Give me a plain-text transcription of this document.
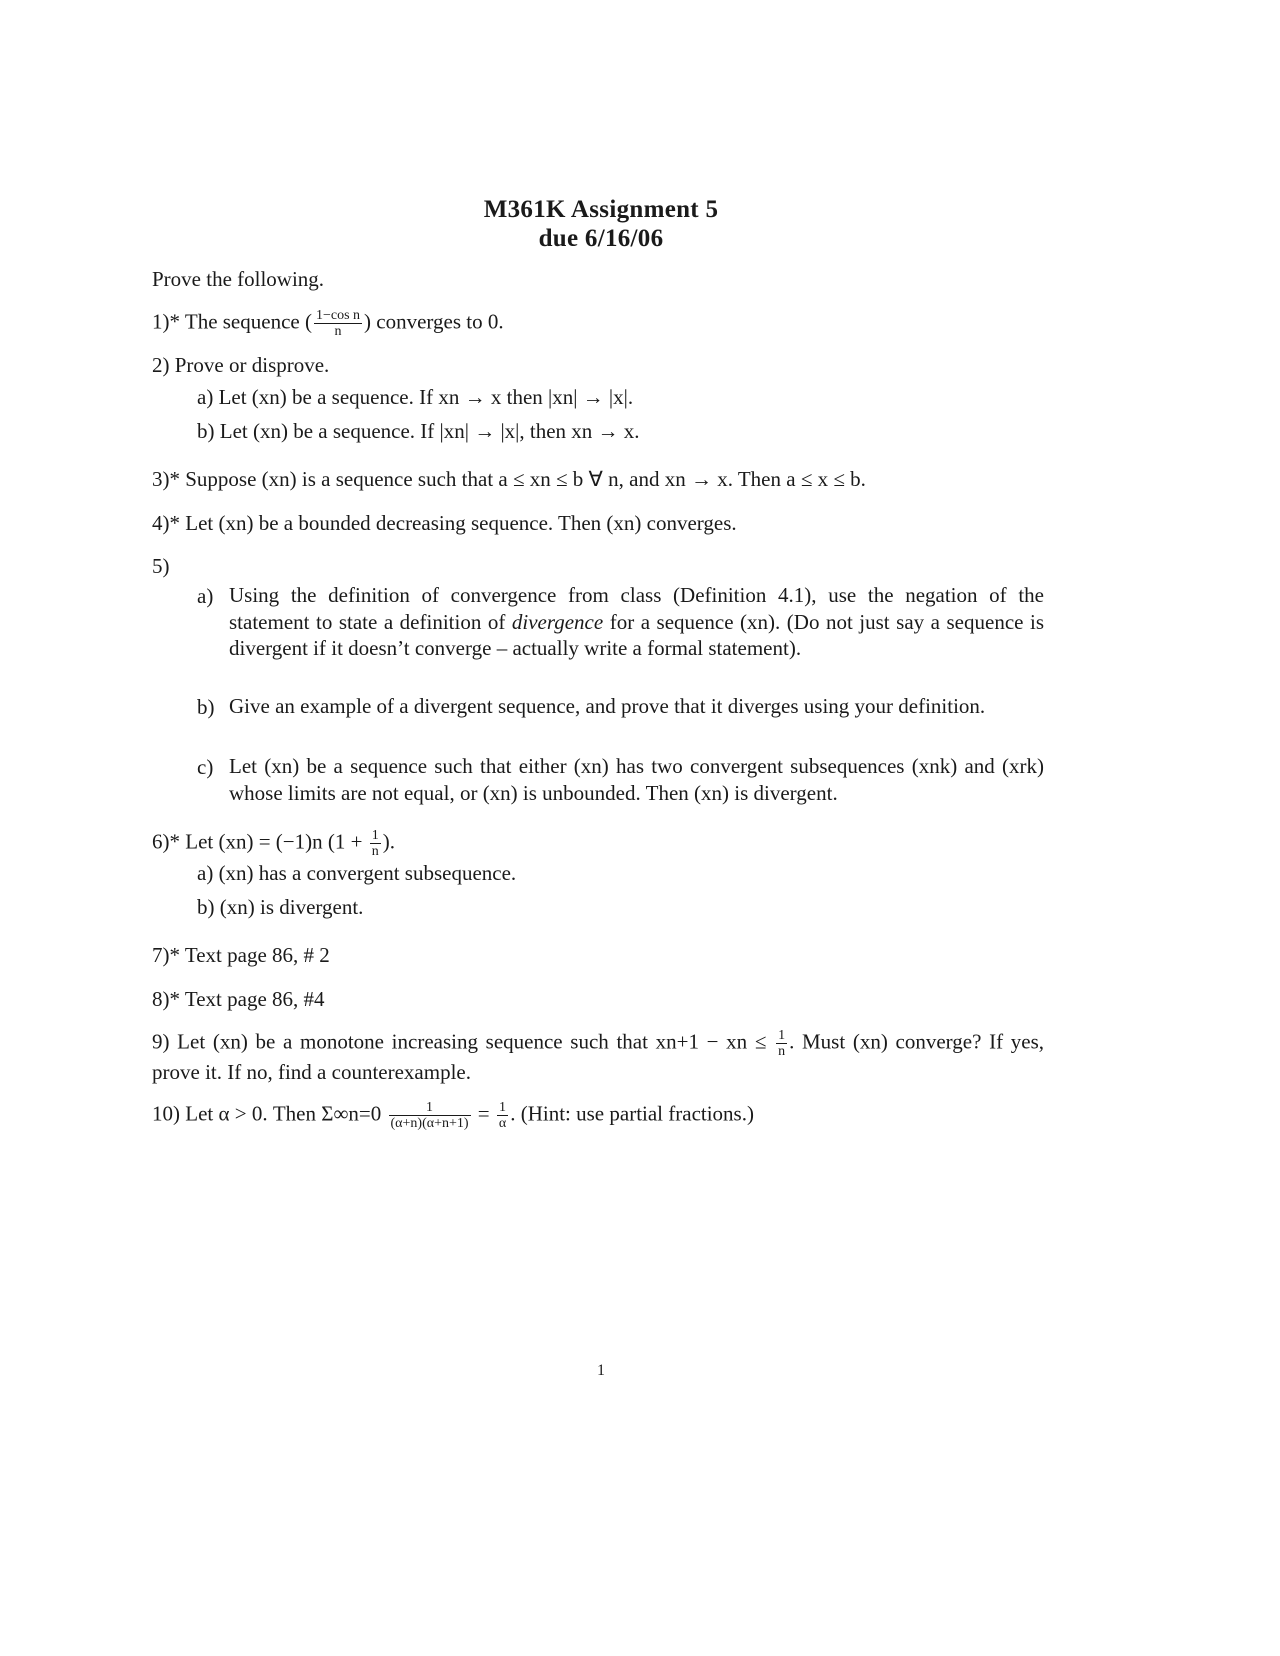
M361K Assignment 5
due 6/16/06
Prove the following.
1)* The sequence ( $\frac{\text{1−cos n}}{n}$ ) converges to 0.
2) Prove or disprove.
a) Let (xn) be a sequence. If xn → x then |xn| → |x|.
b) Let (xn) be a sequence. If |xn| → |x|, then xn → x.
3)* Suppose (xn) is a sequence such that a ≤ xn ≤ b ∀ n, and xn → x. Then a ≤ x ≤ b.
4)* Let (xn) be a bounded decreasing sequence. Then (xn) converges.
5)
a) Using the definition of convergence from class (Definition 4.1), use the negation of the statement to state a definition of divergence for a sequence (xn). (Do not just say a sequence is divergent if it doesn’t converge – actually write a formal statement).
b) Give an example of a divergent sequence, and prove that it diverges using your definition.
c) Let (xn) be a sequence such that either (xn) has two convergent subsequences (xnk) and (xrk) whose limits are not equal, or (xn) is unbounded. Then (xn) is divergent.
6)* Let (xn) = (−1)n ($1 + \frac{1}{n}$ ).
a) (xn) has a convergent subsequence.
b) (xn) is divergent.
7)* Text page 86, # 2
8)* Text page 86, #4
9) Let (xn) be a monotone increasing sequence such that xn+1 − xn ≤ $\frac{1}{n}$ . Must (xn) converge? If yes, prove it. If no, find a counterexample.
10) Let α > 0. Then $\Sigma\infty n=0 \frac{1}{(\alpha+n)(\alpha+n+1)} = \frac{1}{\alpha}$ . (Hint: use partial fractions.)
1
